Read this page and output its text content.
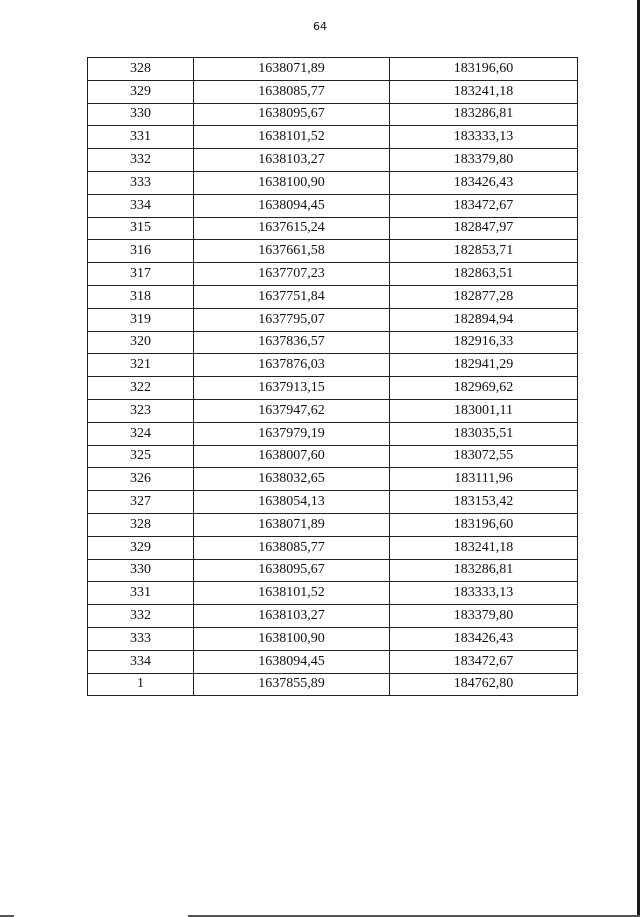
64
328	1638071,89	183196,60
329	1638085,77	183241,18
330	1638095,67	183286,81
331	1638101,52	183333,13
332	1638103,27	183379,80
333	1638100,90	183426,43
334	1638094,45	183472,67
315	1637615,24	182847,97
316	1637661,58	182853,71
317	1637707,23	182863,51
318	1637751,84	182877,28
319	1637795,07	182894,94
320	1637836,57	182916,33
321	1637876,03	182941,29
322	1637913,15	182969,62
323	1637947,62	183001,11
324	1637979,19	183035,51
325	1638007,60	183072,55
326	1638032,65	183111,96
327	1638054,13	183153,42
328	1638071,89	183196,60
329	1638085,77	183241,18
330	1638095,67	183286,81
331	1638101,52	183333,13
332	1638103,27	183379,80
333	1638100,90	183426,43
334	1638094,45	183472,67
1	1637855,89	184762,80
